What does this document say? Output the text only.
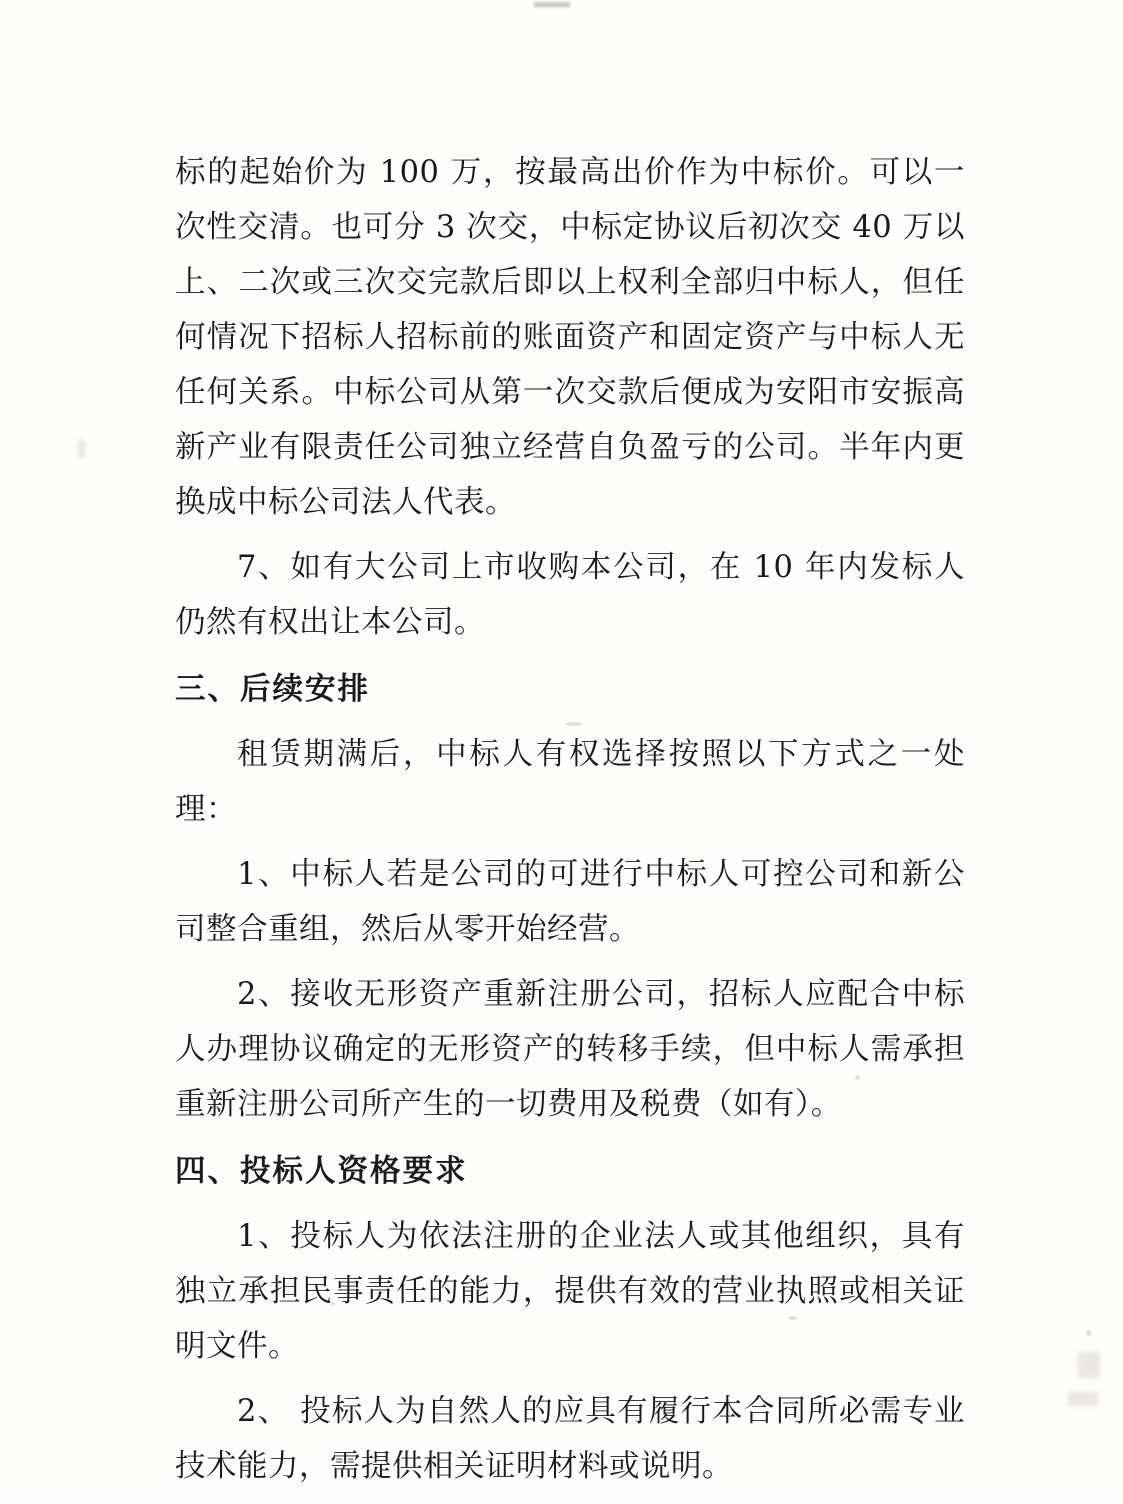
标的起始价为 100 万，按最高出价作为中标价。可以一次性交清。也可分 3 次交，中标定协议后初次交 40 万以上、二次或三次交完款后即以上权利全部归中标人，但任何情况下招标人招标前的账面资产和固定资产与中标人无任何关系。中标公司从第一次交款后便成为安阳市安振高新产业有限责任公司独立经营自负盈亏的公司。半年内更换成中标公司法人代表。

7、如有大公司上市收购本公司，在 10 年内发标人仍然有权出让本公司。

三、后续安排

租赁期满后，中标人有权选择按照以下方式之一处理：

1、中标人若是公司的可进行中标人可控公司和新公司整合重组，然后从零开始经营。

2、接收无形资产重新注册公司，招标人应配合中标人办理协议确定的无形资产的转移手续，但中标人需承担重新注册公司所产生的一切费用及税费（如有）。

四、投标人资格要求

1、投标人为依法注册的企业法人或其他组织，具有独立承担民事责任的能力，提供有效的营业执照或相关证明文件。

2、 投标人为自然人的应具有履行本合同所必需专业技术能力，需提供相关证明材料或说明。
